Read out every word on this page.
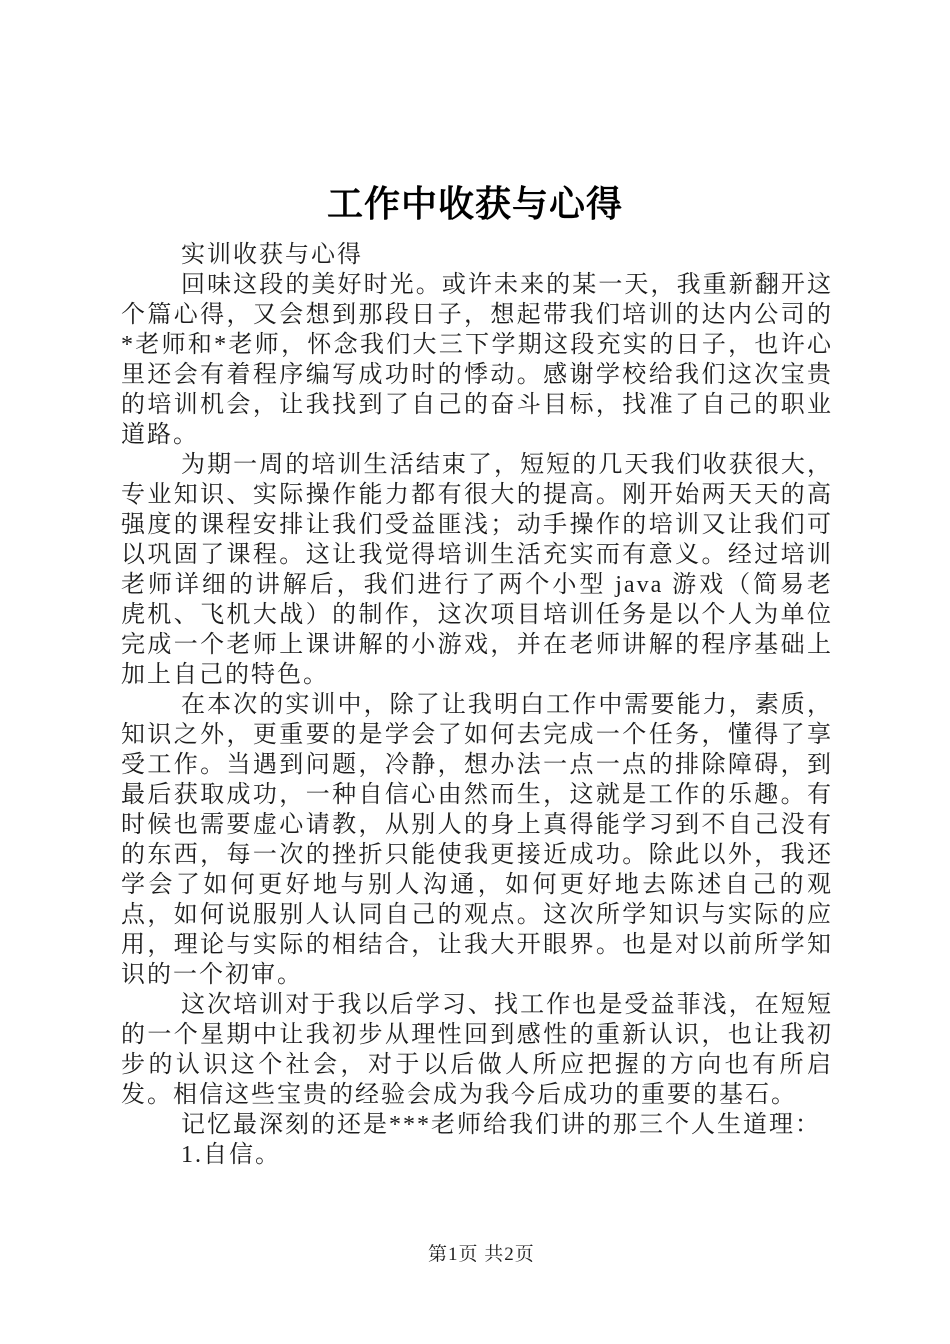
工作中收获与心得

实训收获与心得

回味这段的美好时光。或许未来的某一天，我重新翻开这个篇心得，又会想到那段日子，想起带我们培训的达内公司的*老师和*老师，怀念我们大三下学期这段充实的日子，也许心里还会有着程序编写成功时的悸动。感谢学校给我们这次宝贵的培训机会，让我找到了自己的奋斗目标，找准了自己的职业道路。

为期一周的培训生活结束了，短短的几天我们收获很大，专业知识、实际操作能力都有很大的提高。刚开始两天天的高强度的课程安排让我们受益匪浅；动手操作的培训又让我们可以巩固了课程。这让我觉得培训生活充实而有意义。经过培训老师详细的讲解后，我们进行了两个小型 java 游戏（简易老虎机、飞机大战）的制作，这次项目培训任务是以个人为单位完成一个老师上课讲解的小游戏，并在老师讲解的程序基础上加上自己的特色。

在本次的实训中，除了让我明白工作中需要能力，素质，知识之外，更重要的是学会了如何去完成一个任务，懂得了享受工作。当遇到问题，冷静，想办法一点一点的排除障碍，到最后获取成功，一种自信心由然而生，这就是工作的乐趣。有时候也需要虚心请教，从别人的身上真得能学习到不自己没有的东西，每一次的挫折只能使我更接近成功。除此以外，我还学会了如何更好地与别人沟通，如何更好地去陈述自己的观点，如何说服别人认同自己的观点。这次所学知识与实际的应用，理论与实际的相结合，让我大开眼界。也是对以前所学知识的一个初审。

这次培训对于我以后学习、找工作也是受益菲浅，在短短的一个星期中让我初步从理性回到感性的重新认识，也让我初步的认识这个社会，对于以后做人所应把握的方向也有所启发。相信这些宝贵的经验会成为我今后成功的重要的基石。

记忆最深刻的还是***老师给我们讲的那三个人生道理：

1.自信。

第1页 共2页
